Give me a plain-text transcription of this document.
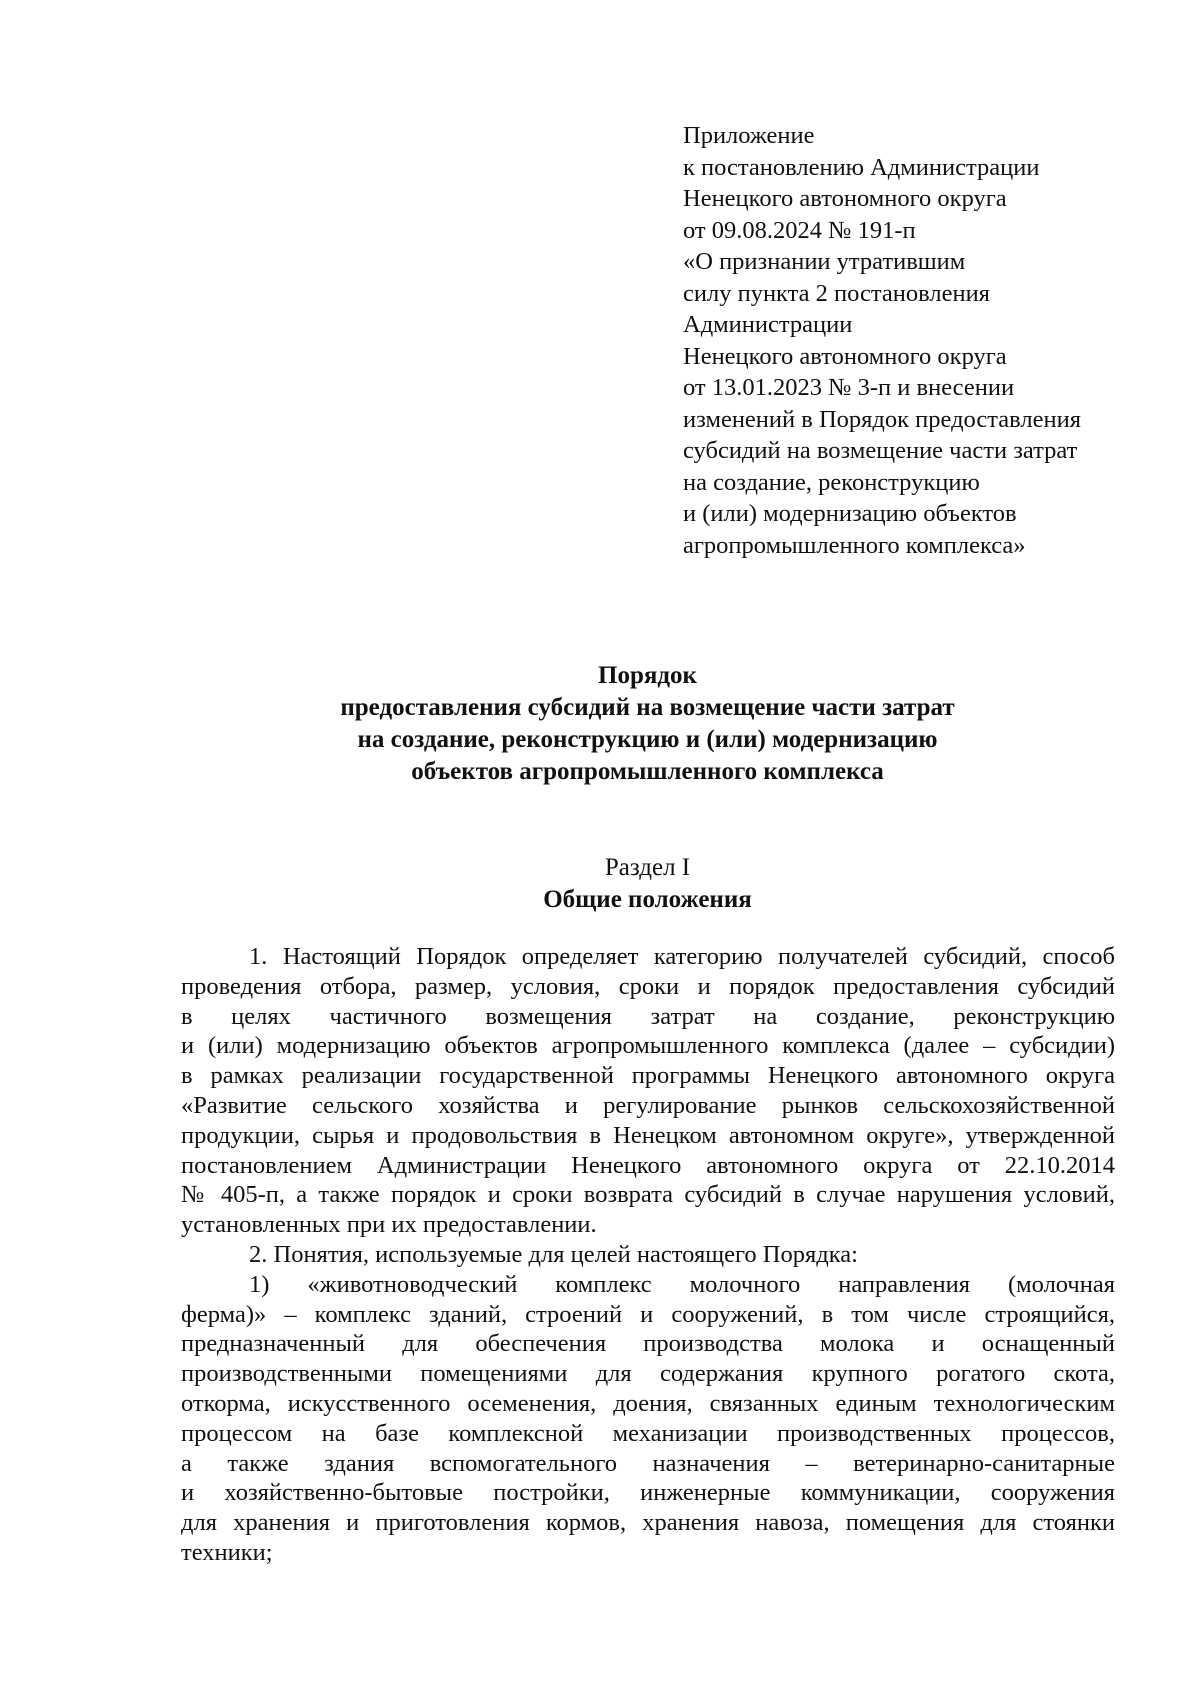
Приложение
к постановлению Администрации
Ненецкого автономного округа
от 09.08.2024 № 191-п
«О признании утратившим
силу пункта 2 постановления
Администрации
Ненецкого автономного округа
от 13.01.2023 № 3-п и внесении
изменений в Порядок предоставления
субсидий на возмещение части затрат
на создание, реконструкцию
и (или) модернизацию объектов
агропромышленного комплекса»
Порядок
предоставления субсидий на возмещение части затрат
на создание, реконструкцию и (или) модернизацию
объектов агропромышленного комплекса
Раздел I
Общие положения
1. Настоящий Порядок определяет категорию получателей субсидий, способ
проведения отбора, размер, условия, сроки и порядок предоставления субсидий
в целях частичного возмещения затрат на создание, реконструкцию
и (или) модернизацию объектов агропромышленного комплекса (далее – субсидии)
в рамках реализации государственной программы Ненецкого автономного округа
«Развитие сельского хозяйства и регулирование рынков сельскохозяйственной
продукции, сырья и продовольствия в Ненецком автономном округе», утвержденной
постановлением Администрации Ненецкого автономного округа от 22.10.2014
№ 405-п, а также порядок и сроки возврата субсидий в случае нарушения условий,
установленных при их предоставлении.
2. Понятия, используемые для целей настоящего Порядка:
1) «животноводческий комплекс молочного направления (молочная
ферма)» – комплекс зданий, строений и сооружений, в том числе строящийся,
предназначенный для обеспечения производства молока и оснащенный
производственными помещениями для содержания крупного рогатого скота,
откорма, искусственного осеменения, доения, связанных единым технологическим
процессом на базе комплексной механизации производственных процессов,
а также здания вспомогательного назначения – ветеринарно-санитарные
и хозяйственно-бытовые постройки, инженерные коммуникации, сооружения
для хранения и приготовления кормов, хранения навоза, помещения для стоянки
техники;
